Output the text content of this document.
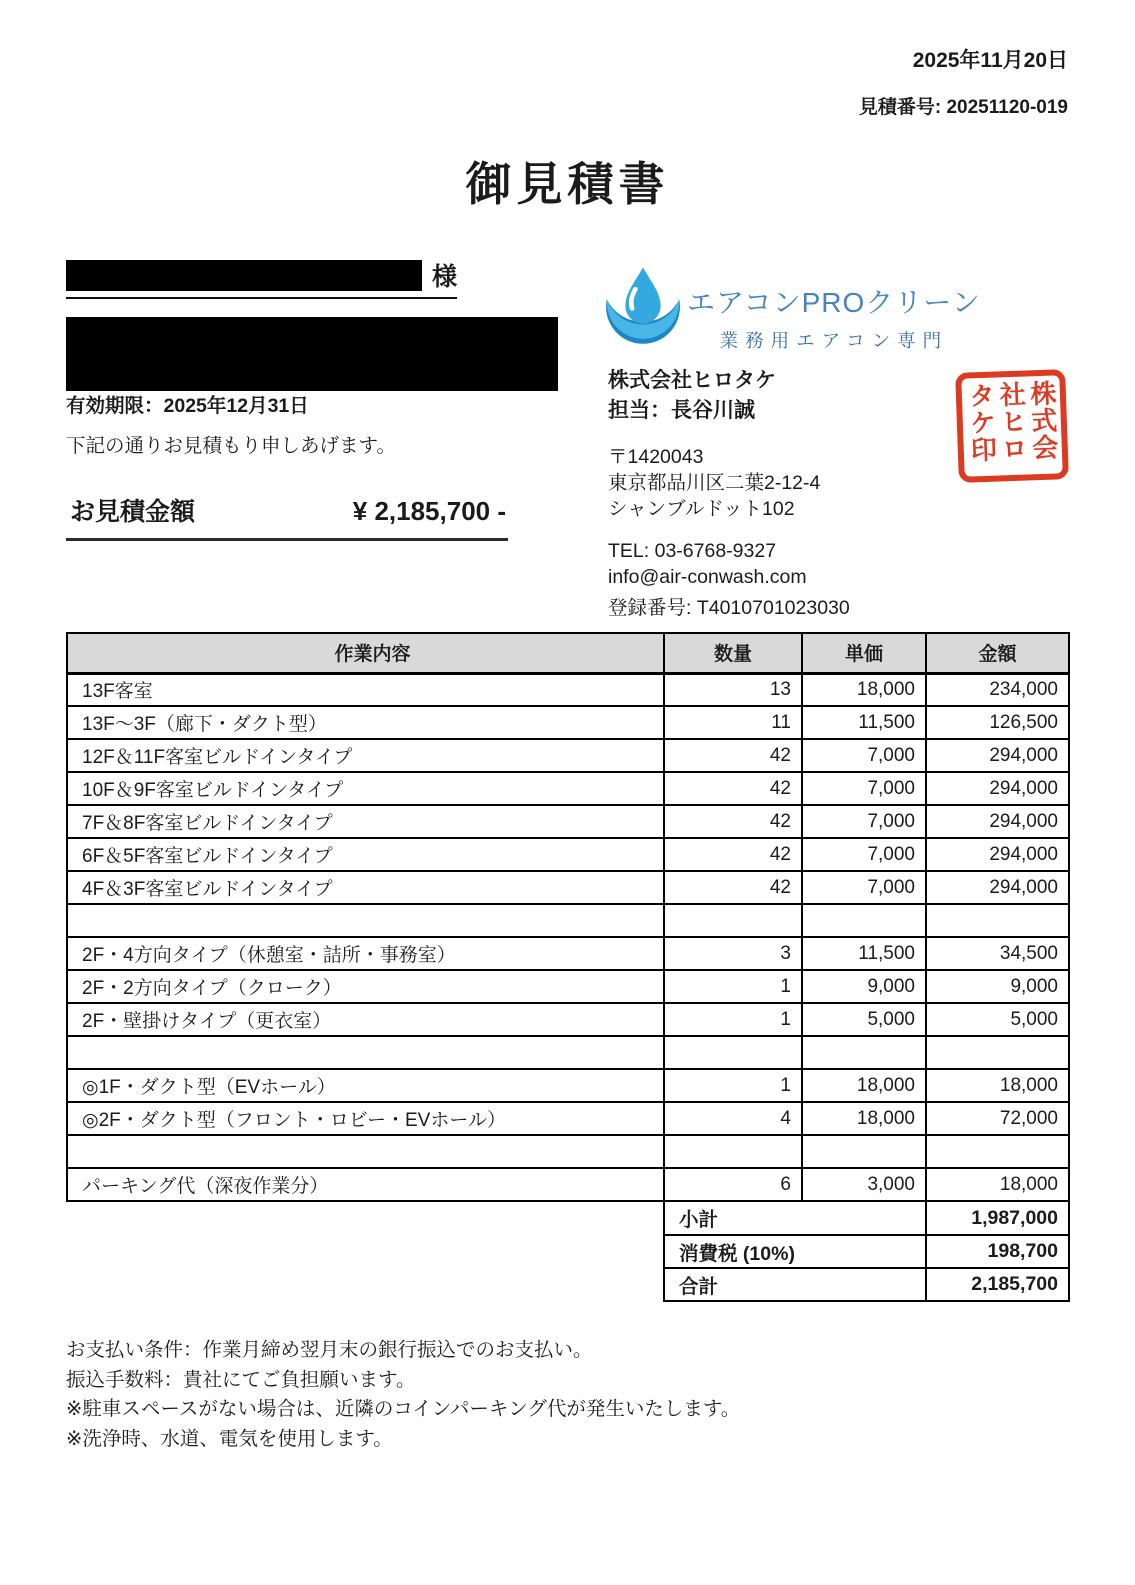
2025年11月20日
見積番号: 20251120-019
御見積書
様
有効期限：2025年12月31日
下記の通りお見積もり申しあげます。
お見積金額	¥ 2,185,700 -
エアコンPROクリーン
業務用エアコン専門
株式会社ヒロタケ
担当：長谷川誠
〒1420043
東京都品川区二葉2-12-4
シャンブルドット102
TEL: 03-6768-9327
info@air-conwash.com
登録番号: T4010701023030
株式会社ヒロタケ印
作業内容	数量	単価	金額
13F客室	13	18,000	234,000
13F〜3F（廊下・ダクト型）	11	11,500	126,500
12F＆11F客室ビルドインタイプ	42	7,000	294,000
10F＆9F客室ビルドインタイプ	42	7,000	294,000
7F＆8F客室ビルドインタイプ	42	7,000	294,000
6F＆5F客室ビルドインタイプ	42	7,000	294,000
4F＆3F客室ビルドインタイプ	42	7,000	294,000

2F・4方向タイプ（休憩室・詰所・事務室）	3	11,500	34,500
2F・2方向タイプ（クローク）	1	9,000	9,000
2F・壁掛けタイプ（更衣室）	1	5,000	5,000

◎1F・ダクト型（EVホール）	1	18,000	18,000
◎2F・ダクト型（フロント・ロビー・EVホール）	4	18,000	72,000

パーキング代（深夜作業分）	6	3,000	18,000
小計	1,987,000
消費税 (10%)	198,700
合計	2,185,700
お支払い条件：作業月締め翌月末の銀行振込でのお支払い。
振込手数料：貴社にてご負担願います。
※駐車スペースがない場合は、近隣のコインパーキング代が発生いたします。
※洗浄時、水道、電気を使用します。
